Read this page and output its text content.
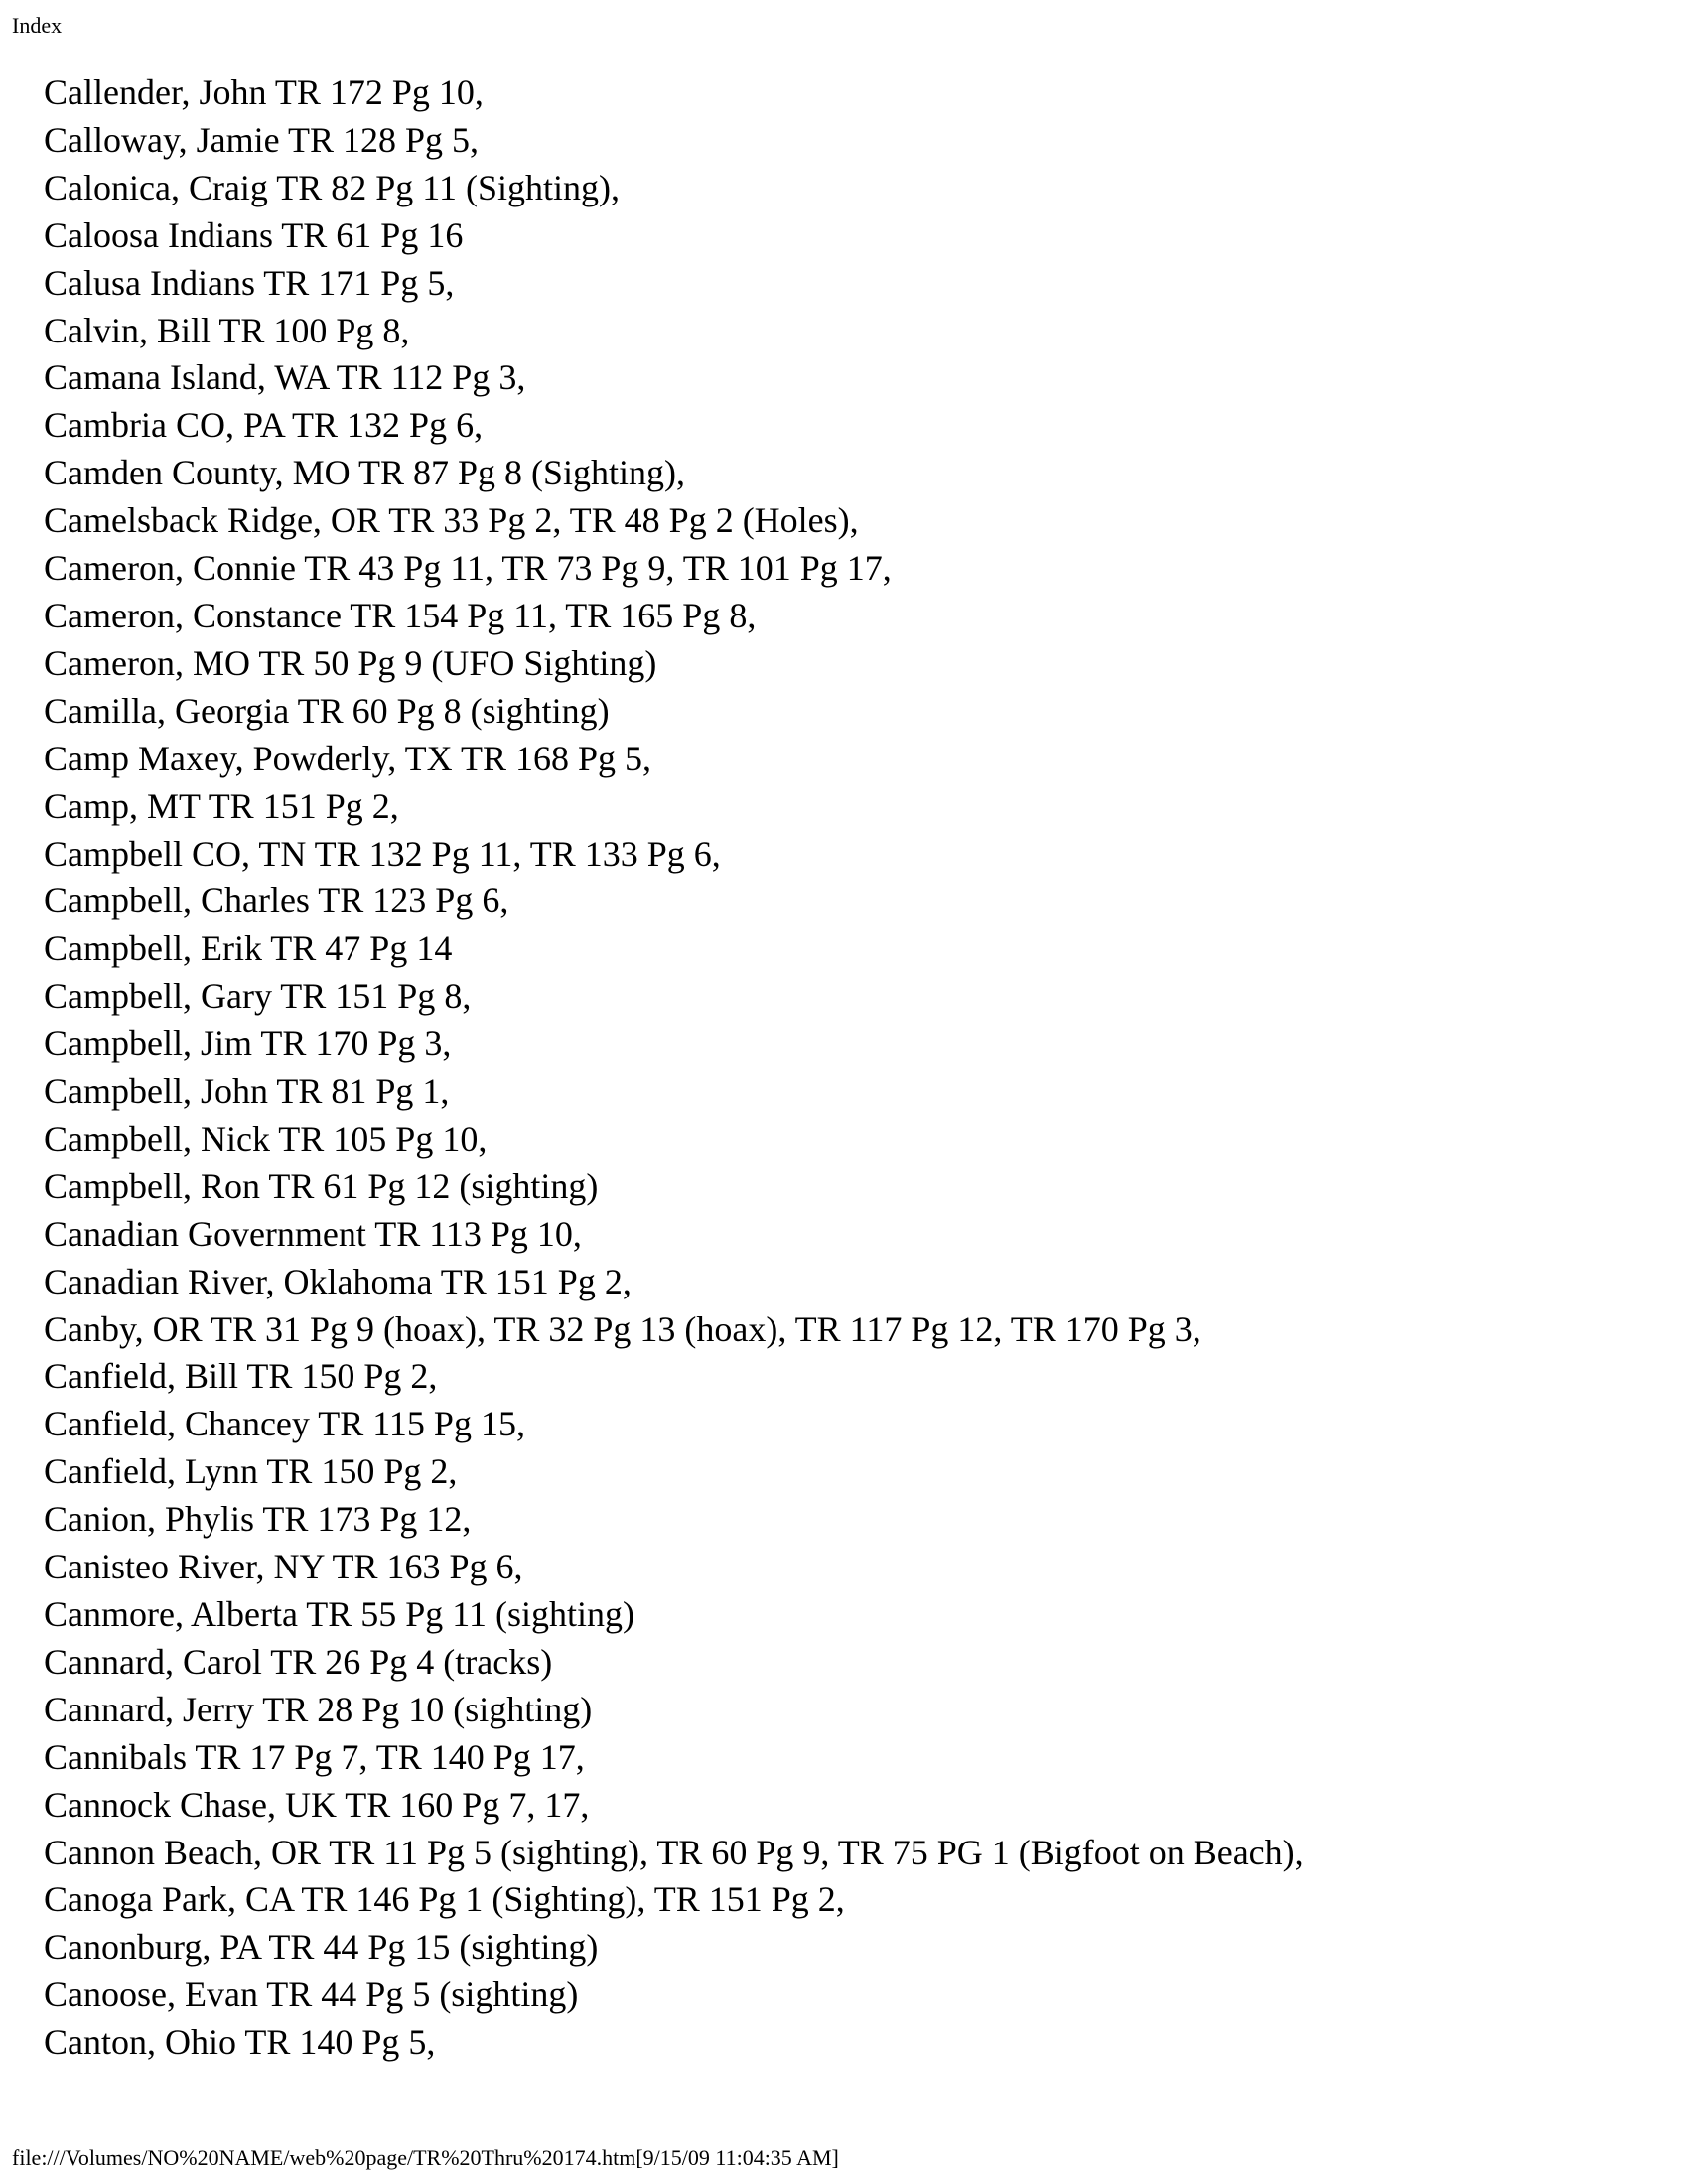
Index
Callender, John TR 172 Pg 10,
Calloway, Jamie TR 128 Pg 5,
Calonica, Craig TR 82 Pg 11 (Sighting),
Caloosa Indians TR 61 Pg 16
Calusa Indians TR 171 Pg 5,
Calvin, Bill TR 100 Pg 8,
Camana Island, WA TR 112 Pg 3,
Cambria CO, PA TR 132 Pg 6,
Camden County, MO TR 87 Pg 8 (Sighting),
Camelsback Ridge, OR TR 33 Pg 2, TR 48 Pg 2 (Holes),
Cameron, Connie TR 43 Pg 11, TR 73 Pg 9, TR 101 Pg 17,
Cameron, Constance TR 154 Pg 11, TR 165 Pg 8,
Cameron, MO TR 50 Pg 9 (UFO Sighting)
Camilla, Georgia TR 60 Pg 8 (sighting)
Camp Maxey, Powderly, TX TR 168 Pg 5,
Camp, MT TR 151 Pg 2,
Campbell CO, TN TR 132 Pg 11, TR 133 Pg 6,
Campbell, Charles TR 123 Pg 6,
Campbell, Erik TR 47 Pg 14
Campbell, Gary TR 151 Pg 8,
Campbell, Jim TR 170 Pg 3,
Campbell, John TR 81 Pg 1,
Campbell, Nick TR 105 Pg 10,
Campbell, Ron TR 61 Pg 12 (sighting)
Canadian Government TR 113 Pg 10,
Canadian River, Oklahoma TR 151 Pg 2,
Canby, OR TR 31 Pg 9 (hoax), TR 32 Pg 13 (hoax), TR 117 Pg 12, TR 170 Pg 3,
Canfield, Bill TR 150 Pg 2,
Canfield, Chancey TR 115 Pg 15,
Canfield, Lynn TR 150 Pg 2,
Canion, Phylis TR 173 Pg 12,
Canisteo River, NY TR 163 Pg 6,
Canmore, Alberta TR 55 Pg 11 (sighting)
Cannard, Carol TR 26 Pg 4 (tracks)
Cannard, Jerry TR 28 Pg 10 (sighting)
Cannibals TR 17 Pg 7, TR 140 Pg 17,
Cannock Chase, UK TR 160 Pg 7, 17,
Cannon Beach, OR TR 11 Pg 5 (sighting), TR 60 Pg 9, TR 75 PG 1 (Bigfoot on Beach),
Canoga Park, CA TR 146 Pg 1 (Sighting), TR 151 Pg 2,
Canonburg, PA TR 44 Pg 15 (sighting)
Canoose, Evan TR 44 Pg 5 (sighting)
Canton, Ohio TR 140 Pg 5,
file:///Volumes/NO%20NAME/web%20page/TR%20Thru%20174.htm[9/15/09 11:04:35 AM]
